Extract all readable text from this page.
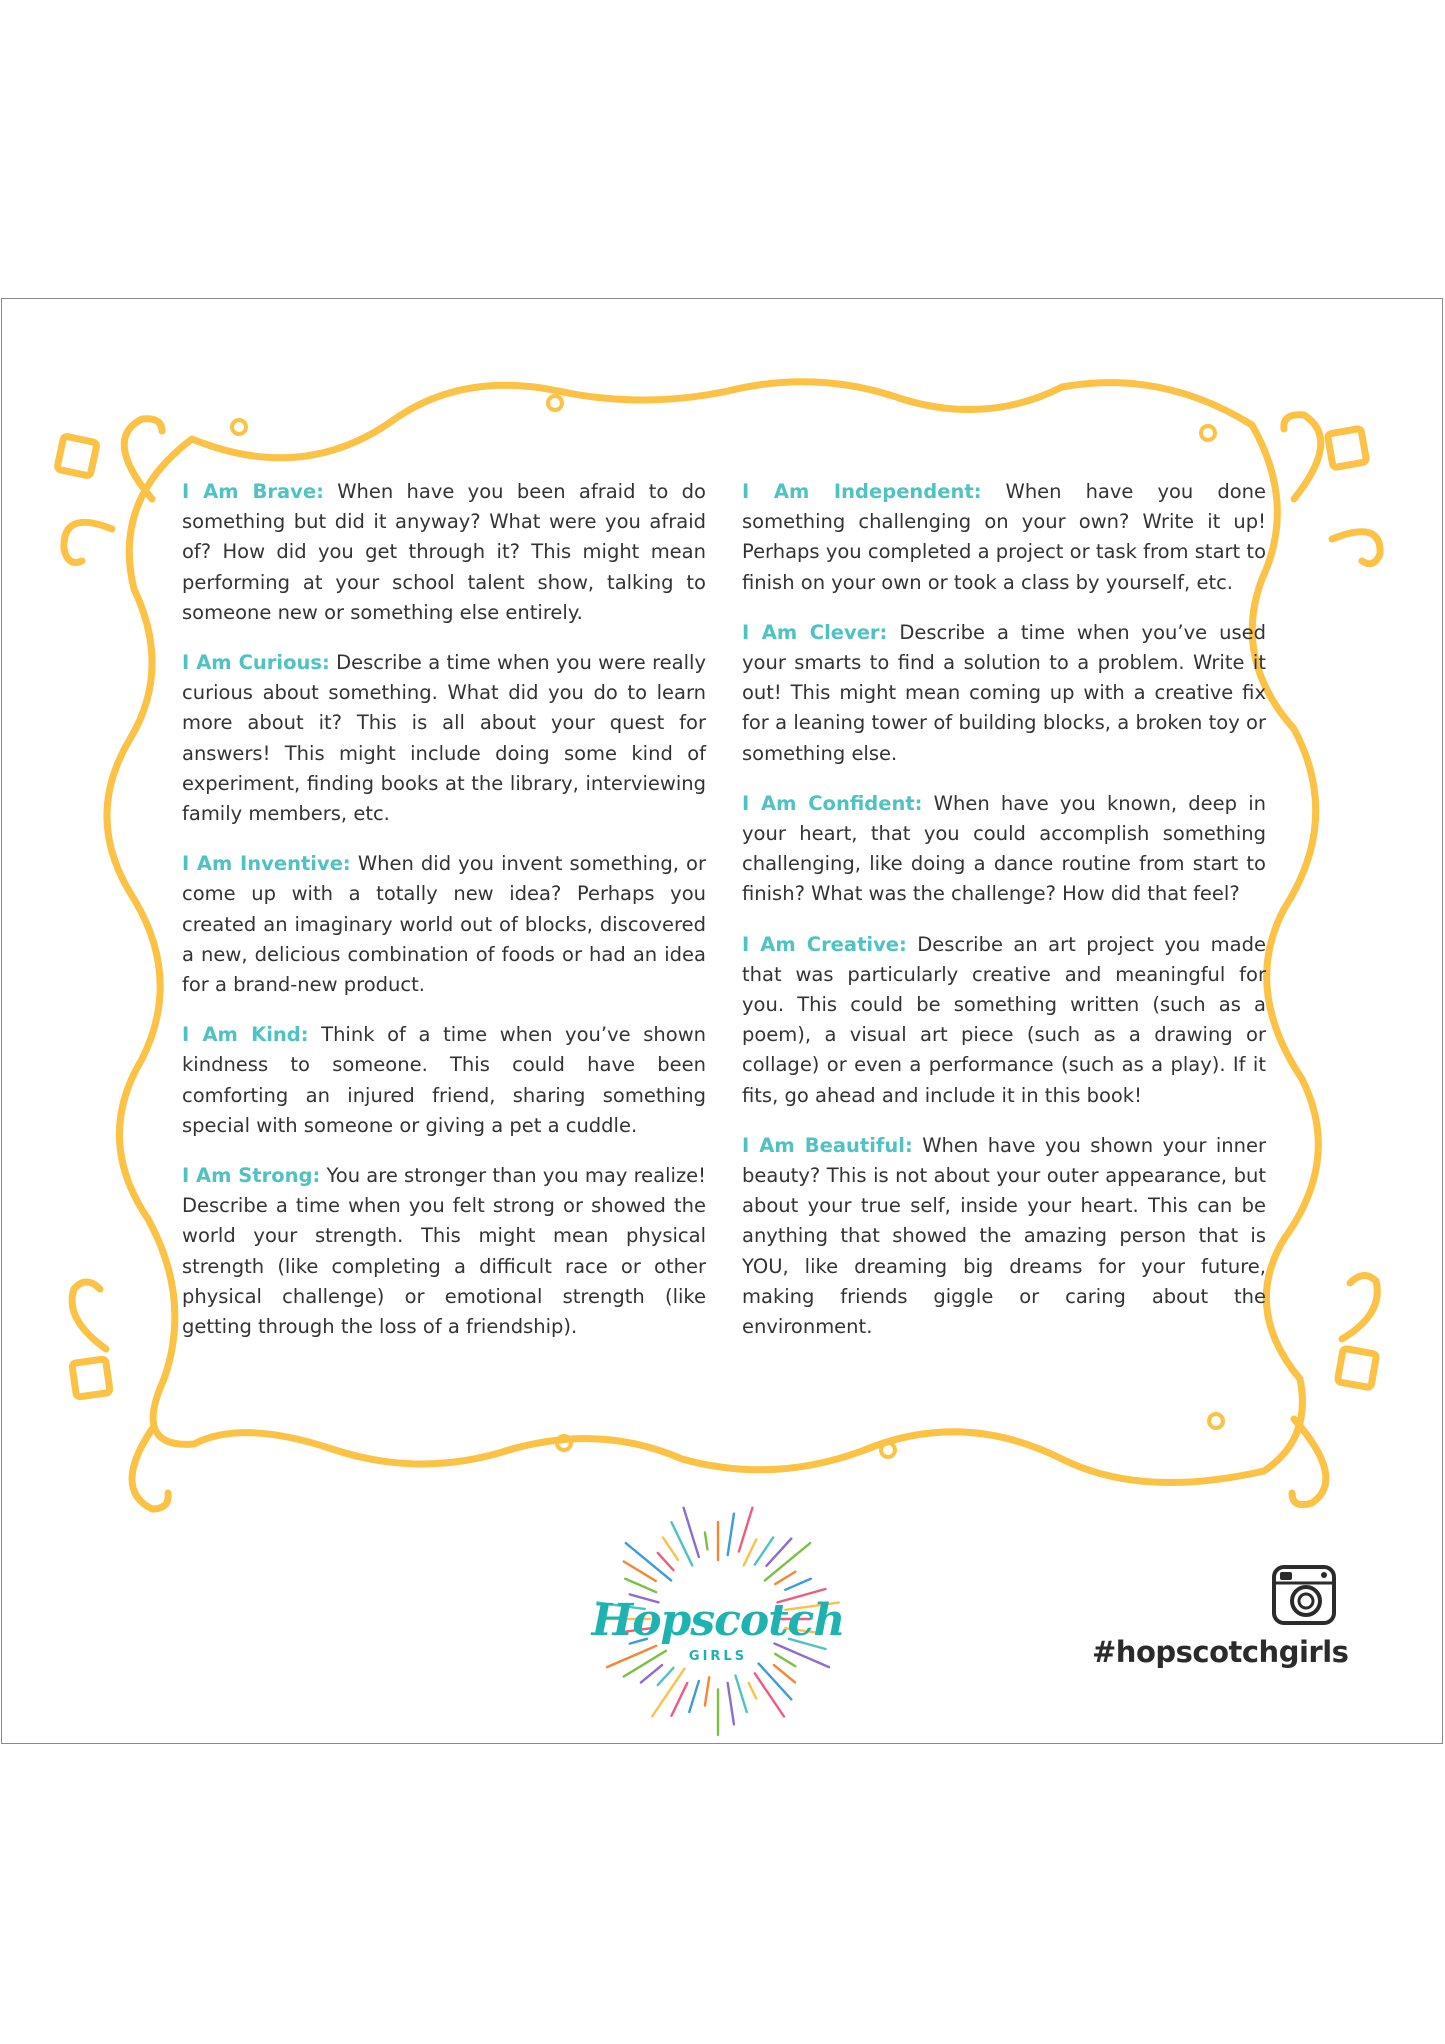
I Am Brave: When have you been afraid to do something but did it anyway? What were you afraid of? How did you get through it? This might mean performing at your school talent show, talking to someone new or something else entirely.

I Am Curious: Describe a time when you were really curious about something. What did you do to learn more about it? This is all about your quest for answers! This might include doing some kind of experiment, finding books at the library, interviewing family members, etc.

I Am Inventive: When did you invent something, or come up with a totally new idea? Perhaps you created an imaginary world out of blocks, discovered a new, delicious combination of foods or had an idea for a brand-new product.

I Am Kind: Think of a time when you’ve shown kindness to someone. This could have been comforting an injured friend, sharing something special with someone or giving a pet a cuddle.

I Am Strong: You are stronger than you may realize! Describe a time when you felt strong or showed the world your strength. This might mean physical strength (like completing a difficult race or other physical challenge) or emotional strength (like getting through the loss of a friendship).

I Am Independent: When have you done something challenging on your own? Write it up! Perhaps you completed a project or task from start to finish on your own or took a class by yourself, etc.

I Am Clever: Describe a time when you’ve used your smarts to find a solution to a problem. Write it out! This might mean coming up with a creative fix for a leaning tower of building blocks, a broken toy or something else.

I Am Confident: When have you known, deep in your heart, that you could accomplish something challenging, like doing a dance routine from start to finish? What was the challenge? How did that feel?

I Am Creative: Describe an art project you made that was particularly creative and meaningful for you. This could be something written (such as a poem), a visual art piece (such as a drawing or collage) or even a performance (such as a play). If it fits, go ahead and include it in this book!

I Am Beautiful: When have you shown your inner beauty? This is not about your outer appearance, but about your true self, inside your heart. This can be anything that showed the amazing person that is YOU, like dreaming big dreams for your future, making friends giggle or caring about the environment.

Hopscotch
GIRLS	#hopscotchgirls
